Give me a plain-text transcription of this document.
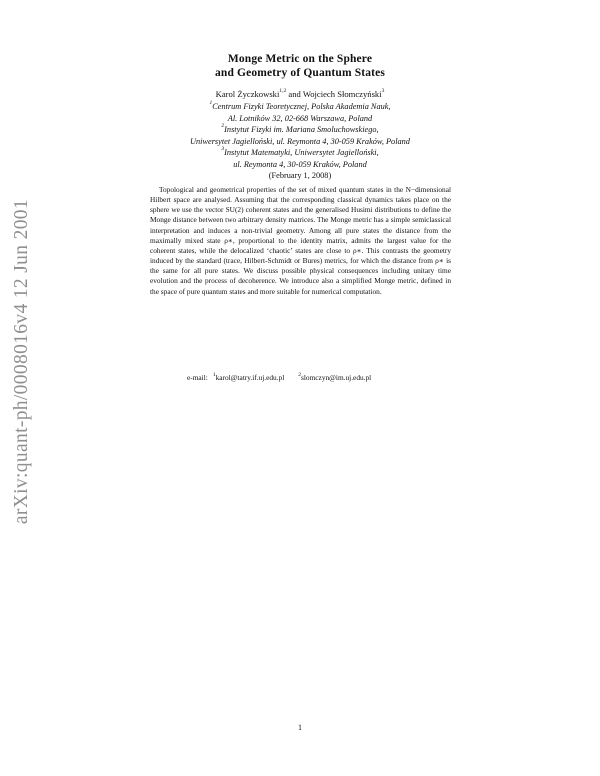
arXiv:quant-ph/0008016v4 12 Jun 2001

Monge Metric on the Sphere

and Geometry of Quantum States

Karol Życzkowski$^{1,2}$ and Wojciech Słomczyński$^3$
$^1$Centrum Fizyki Teoretycznej, Polska Akademia Nauk,
Al. Lotników 32, 02-668 Warszawa, Poland
$^2$Instytut Fizyki im. Mariana Smoluchowskiego,
Uniwersytet Jagielloński, ul. Reymonta 4, 30-059 Kraków, Poland
$^3$Instytut Matematyki, Uniwersytet Jagielloński,
ul. Reymonta 4, 30-059 Kraków, Poland
(February 1, 2008)

Topological and geometrical properties of the set of mixed quantum states in the N−dimensional Hilbert space are analysed. Assuming that the corresponding classical dynamics takes place on the sphere we use the vector SU(2) coherent states and the generalised Husimi distributions to define the Monge distance between two arbitrary density matrices. The Monge metric has a simple semiclassical interpretation and induces a non-trivial geometry. Among all pure states the distance from the maximally mixed state ρ∗, proportional to the identity matrix, admits the largest value for the coherent states, while the delocalized ‘chaotic’ states are close to ρ∗. This contrasts the geometry induced by the standard (trace, Hilbert-Schmidt or Bures) metrics, for which the distance from ρ∗ is the same for all pure states. We discuss possible physical consequences including unitary time evolution and the process of decoherence. We introduce also a simplified Monge metric, defined in the space of pure quantum states and more suitable for numerical computation.

e-mail: $^1$karol@tatry.if.uj.edu.pl	$^2$slomczyn@im.uj.edu.pl
1
